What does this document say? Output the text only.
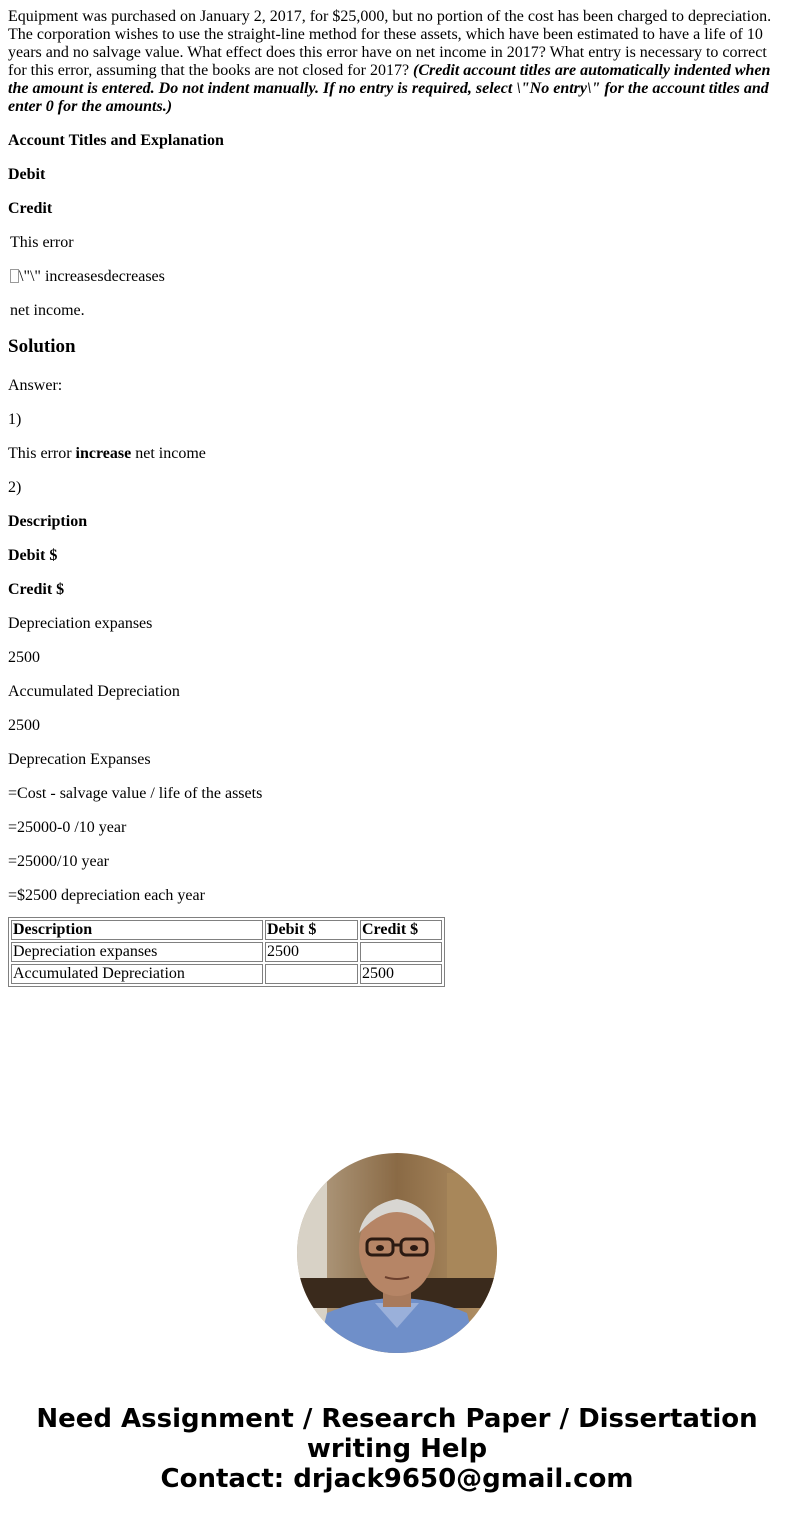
Equipment was purchased on January 2, 2017, for $25,000, but no portion of the cost has been charged to depreciation. The corporation wishes to use the straight-line method for these assets, which have been estimated to have a life of 10 years and no salvage value. What effect does this error have on net income in 2017? What entry is necessary to correct for this error, assuming that the books are not closed for 2017? (Credit account titles are automatically indented when the amount is entered. Do not indent manually. If no entry is required, select \"No entry\" for the account titles and enter 0 for the amounts.)

Account Titles and Explanation

Debit

Credit

This error

\"\" increasesdecreases

net income.

Solution

Answer:

1)

This error increase net income

2)

Description

Debit $

Credit $

Depreciation expanses

2500

Accumulated Depreciation

2500

Deprecation Expanses

=Cost - salvage value / life of the assets

=25000-0 /10 year

=25000/10 year

=$2500 depreciation each year

Description	Debit $	Credit $
Depreciation expanses	2500	
Accumulated Depreciation		2500
Need Assignment / Research Paper / Dissertation
writing Help
Contact: drjack9650@gmail.com
